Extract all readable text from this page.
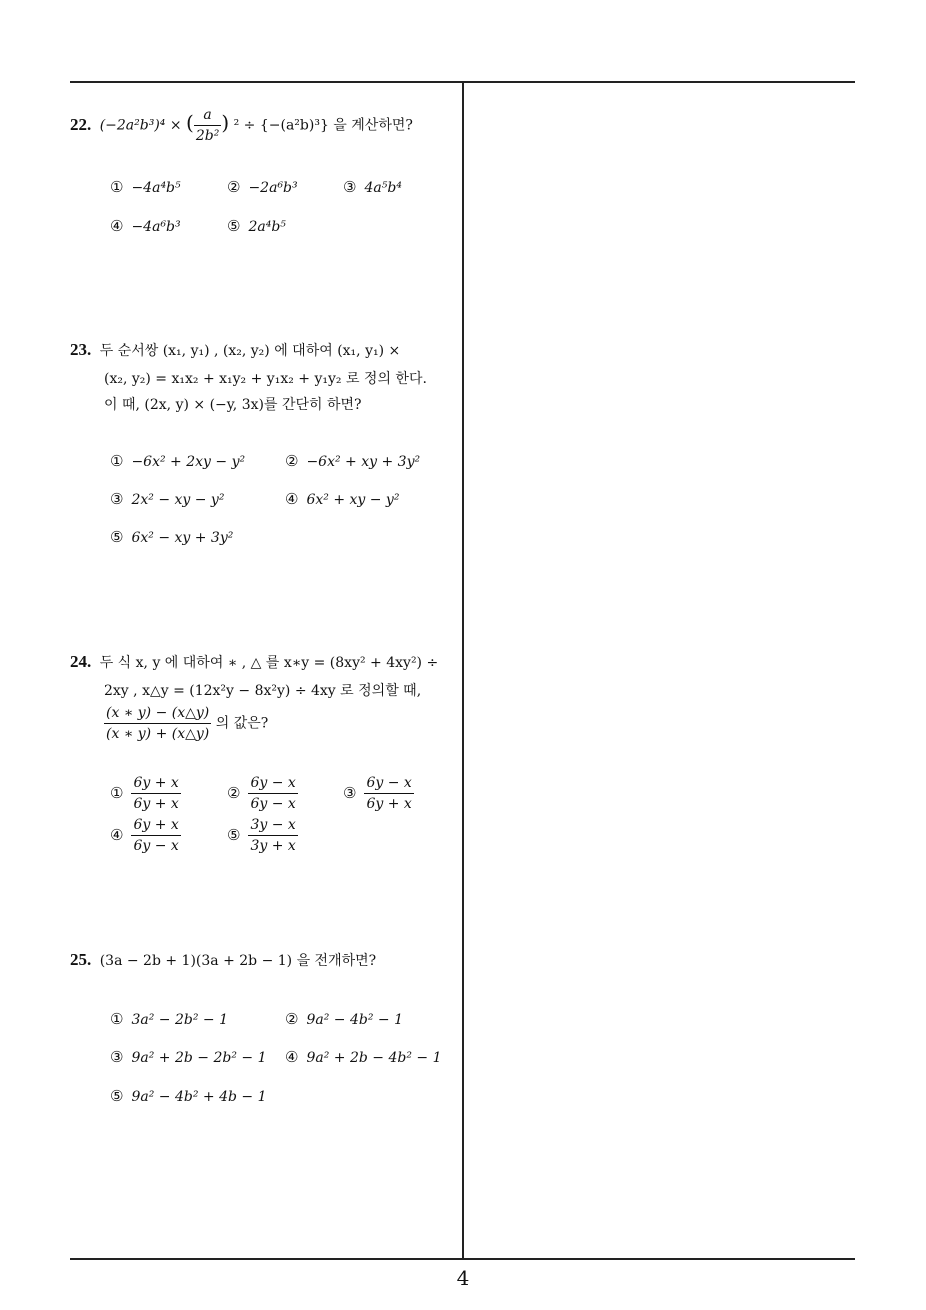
22. (−2a²b³)⁴ × ( $\frac{a}{\text{2b²}}$ ) ² ÷ {−(a²b)³} 을 계산하면?
① −4a⁴b⁵	② −2a⁶b³	③ 4a⁵b⁴
④ −4a⁶b³	⑤ 2a⁴b⁵
23. 두 순서쌍 (x₁, y₁) , (x₂, y₂) 에 대하여 (x₁, y₁) ×
(x₂, y₂) = x₁x₂ + x₁y₂ + y₁x₂ + y₁y₂ 로 정의 한다.
이 때, (2x, y) × (−y, 3x)를 간단히 하면?
① −6x² + 2xy − y²	② −6x² + xy + 3y²
③ 2x² − xy − y²	④ 6x² + xy − y²
⑤ 6x² − xy + 3y²
24. 두 식 x, y 에 대하여 ∗ , △ 를 x∗y = (8xy² + 4xy²) ÷
2xy , x△y = (12x²y − 8x²y) ÷ 4xy 로 정의할 때,
$\frac{(x ∗ y) - (x\triangle y)}{(x ∗ y) + (x\triangle y)}$ 의 값은?
① $\frac{6y + x}{6y + x}$	② $\frac{6y - x}{6y - x}$	③ $\frac{6y - x}{6y + x}$
④ $\frac{6y + x}{6y - x}$	⑤ $\frac{3y - x}{3y + x}$
25. (3a − 2b + 1)(3a + 2b − 1) 을 전개하면?
① 3a² − 2b² − 1	② 9a² − 4b² − 1
③ 9a² + 2b − 2b² − 1 ④ 9a² + 2b − 4b² − 1
⑤ 9a² − 4b² + 4b − 1
4
